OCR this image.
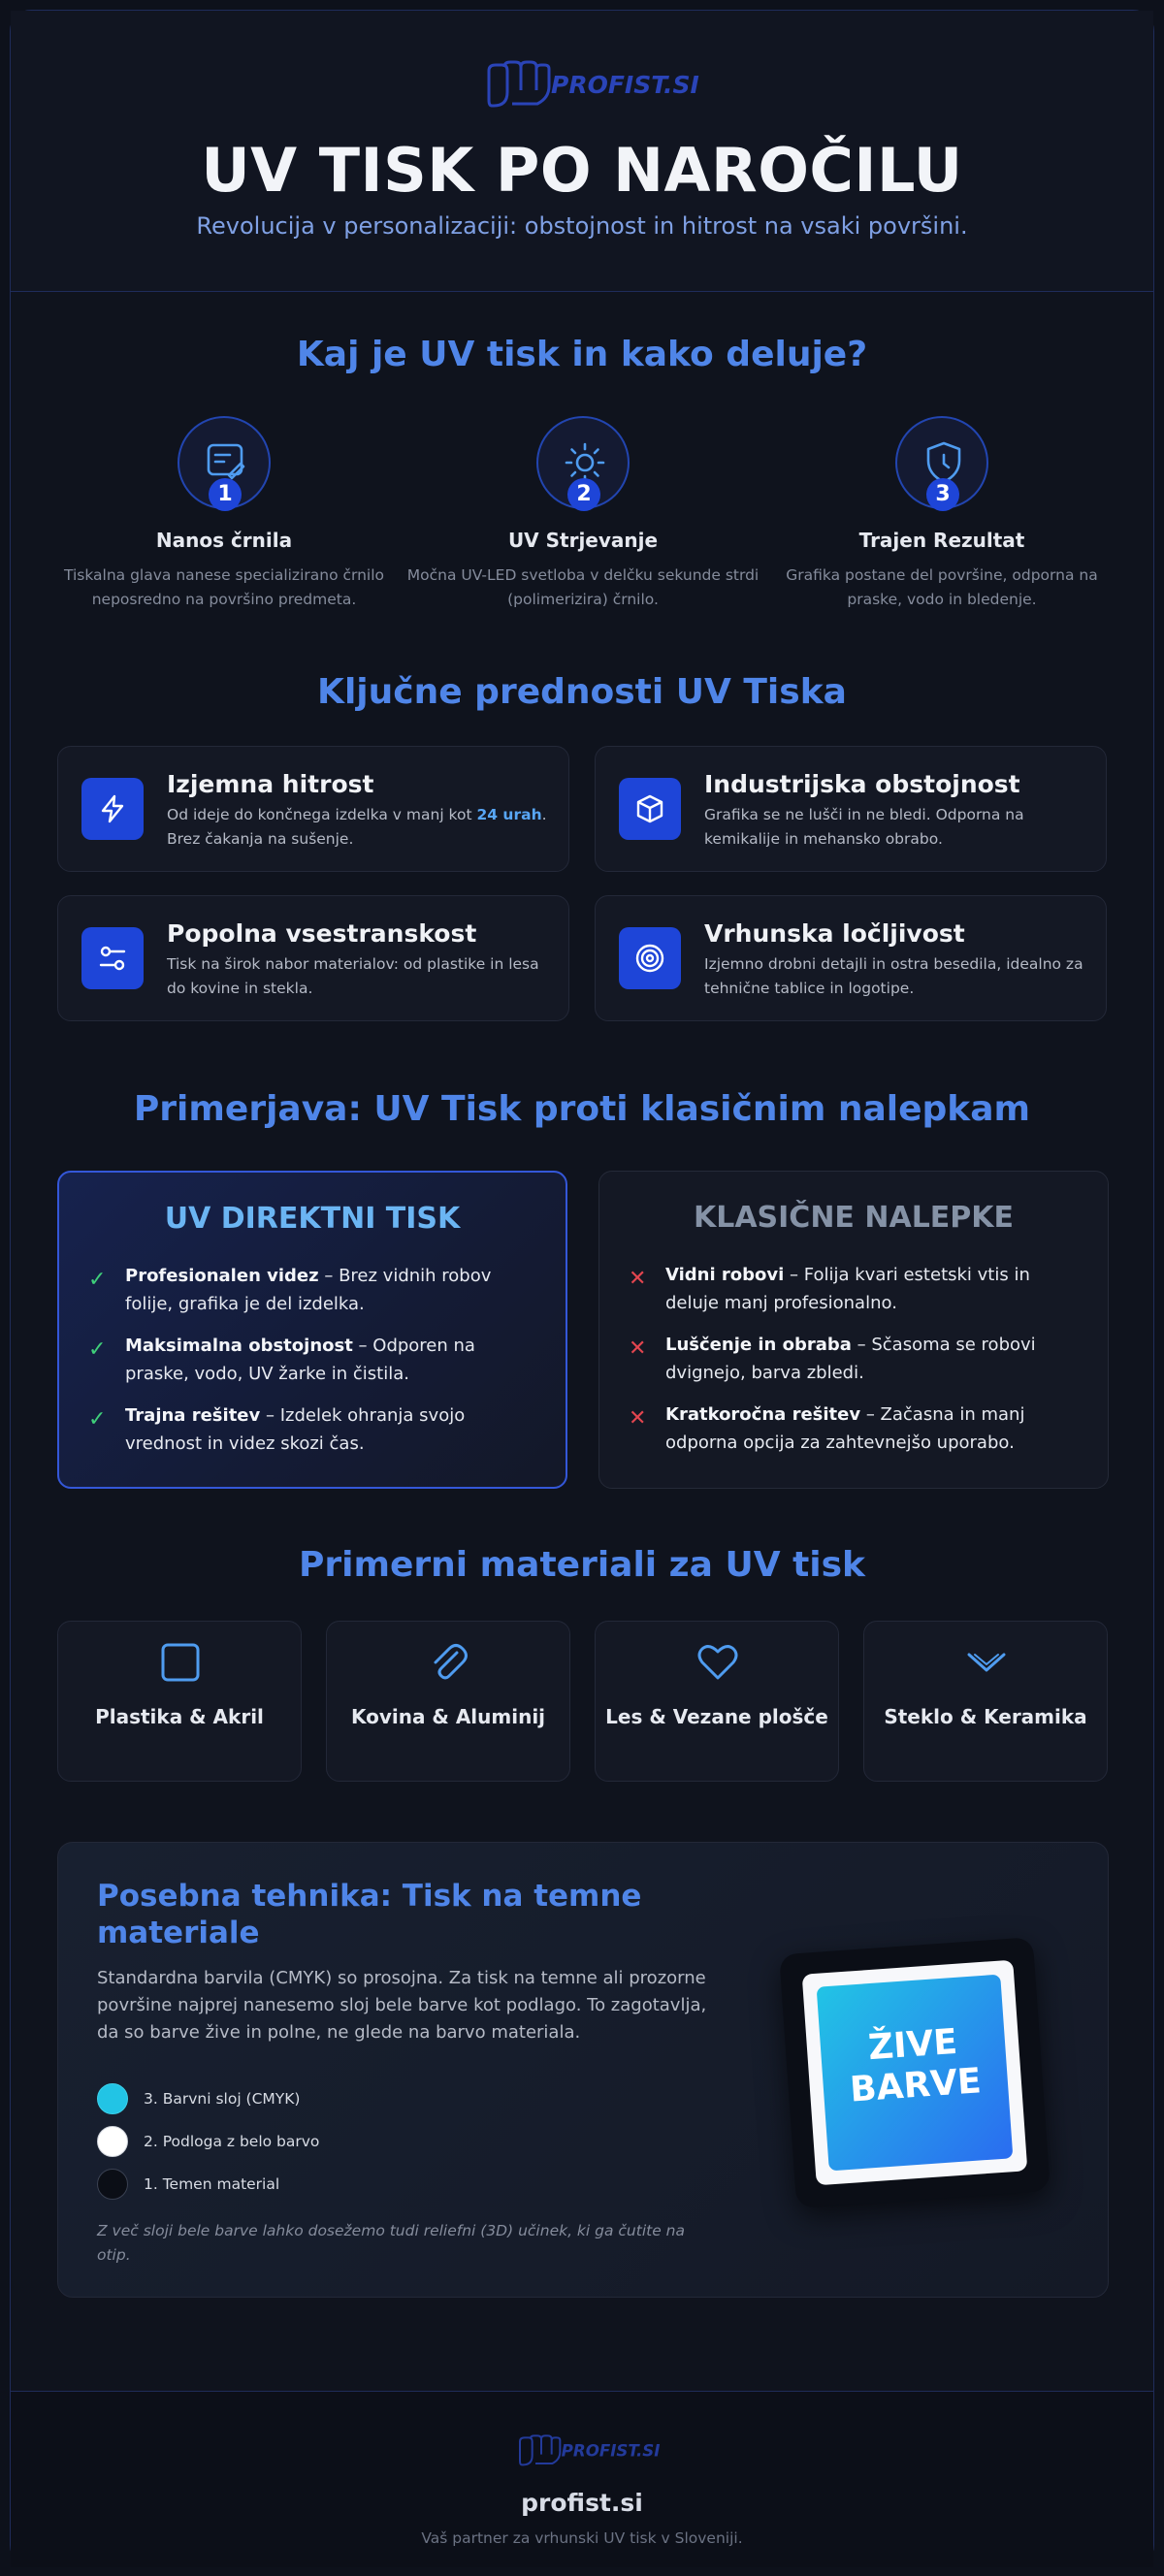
PROFIST.SI
UV TISK PO NAROČILU
Revolucija v personalizaciji: obstojnost in hitrost na vsaki površini.
Kaj je UV tisk in kako deluje?
1
Nanos črnila
Tiskalna glava nanese specializirano črnilo neposredno na površino predmeta.
2
UV Strjevanje
Močna UV-LED svetloba v delčku sekunde strdi (polimerizira) črnilo.
3
Trajen Rezultat
Grafika postane del površine, odporna na praske, vodo in bledenje.
Ključne prednosti UV Tiska
Izjemna hitrost
Od ideje do končnega izdelka v manj kot 24 urah. Brez čakanja na sušenje.
Industrijska obstojnost
Grafika se ne lušči in ne bledi. Odporna na kemikalije in mehansko obrabo.
Popolna vsestranskost
Tisk na širok nabor materialov: od plastike in lesa do kovine in stekla.
Vrhunska ločljivost
Izjemno drobni detajli in ostra besedila, idealno za tehnične tablice in logotipe.
Primerjava: UV Tisk proti klasičnim nalepkam
UV DIREKTNI TISK
✓ Profesionalen videz – Brez vidnih robov folije, grafika je del izdelka.
✓ Maksimalna obstojnost – Odporen na praske, vodo, UV žarke in čistila.
✓ Trajna rešitev – Izdelek ohranja svojo vrednost in videz skozi čas.
KLASIČNE NALEPKE
✕ Vidni robovi – Folija kvari estetski vtis in deluje manj profesionalno.
✕ Luščenje in obraba – Sčasoma se robovi dvignejo, barva zbledi.
✕ Kratkoročna rešitev – Začasna in manj odporna opcija za zahtevnejšo uporabo.
Primerni materiali za UV tisk
Plastika & Akril	Kovina & Aluminij	Les & Vezane plošče	Steklo & Keramika
Posebna tehnika: Tisk na temne materiale
Standardna barvila (CMYK) so prosojna. Za tisk na temne ali prozorne površine najprej nanesemo sloj bele barve kot podlago. To zagotavlja, da so barve žive in polne, ne glede na barvo materiala.
3. Barvni sloj (CMYK)
2. Podloga z belo barvo
1. Temen material
Z več sloji bele barve lahko dosežemo tudi reliefni (3D) učinek, ki ga čutite na otip.
ŽIVE
BARVE
PROFIST.SI
profist.si
Vaš partner za vrhunski UV tisk v Sloveniji.
